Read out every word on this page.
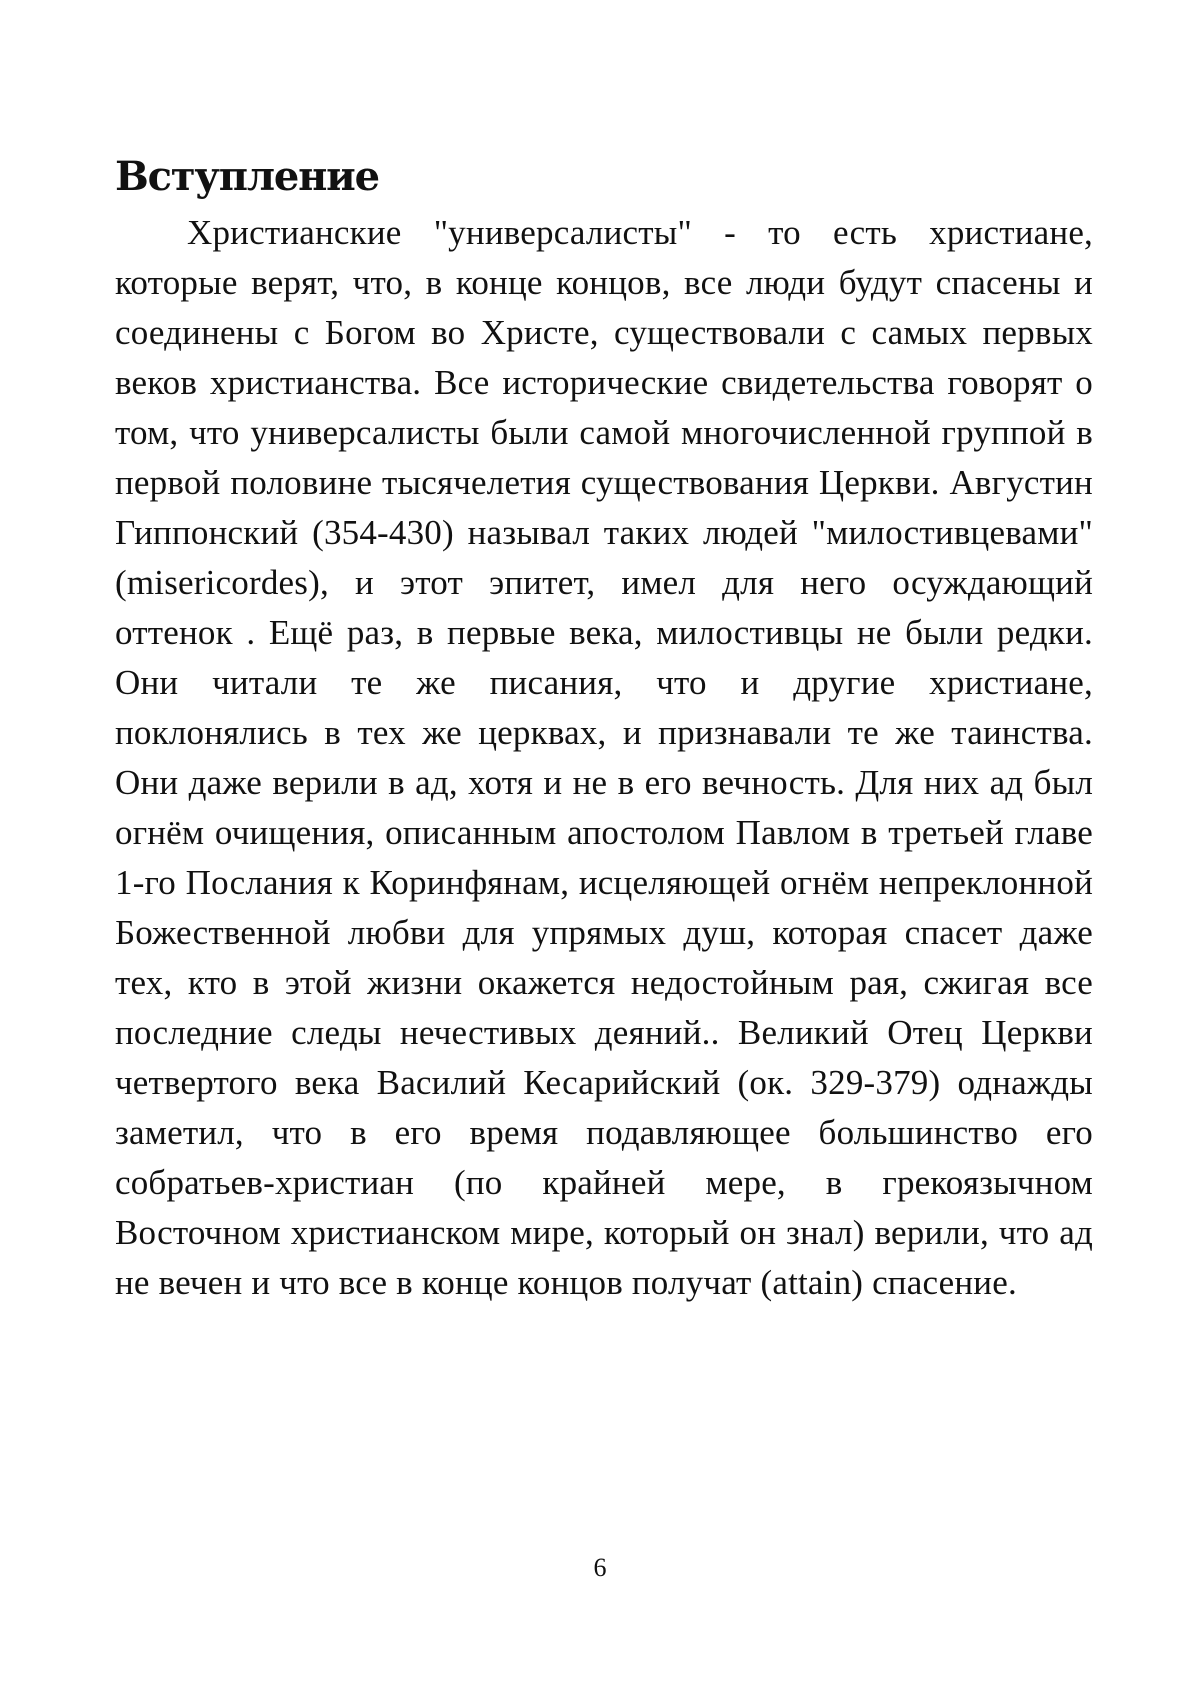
Вступление

Христианские "универсалисты" - то есть христиане, которые верят, что, в конце концов, все люди будут спасены и соединены с Богом во Христе, существовали с самых первых веков христианства. Все исторические свидетельства говорят о том, что универсалисты были самой многочисленной группой в первой половине тысячелетия существования Церкви. Августин Гиппонский (354-430) называл таких людей "милостивцевами" (misericordes), и этот эпитет, имел для него осуждающий оттенок . Ещё раз, в первые века, милостивцы не были редки. Они читали те же писания, что и другие христиане, поклонялись в тех же церквах, и признавали те же таинства. Они даже верили в ад, хотя и не в его вечность. Для них ад был огнём очищения, описанным апостолом Павлом в третьей главе 1-го Послания к Коринфянам, исцеляющей огнём непреклонной Божественной любви для упрямых душ, которая спасет даже тех, кто в этой жизни окажется недостойным рая, сжигая все последние следы нечестивых деяний.. Великий Отец Церкви четвертого века Василий Кесарийский (ок. 329-379) однажды заметил, что в его время подавляющее большинство его собратьев-христиан (по крайней мере, в грекоязычном Восточном христианском мире, который он знал) верили, что ад не вечен и что все в конце концов получат (attain) спасение.

6
